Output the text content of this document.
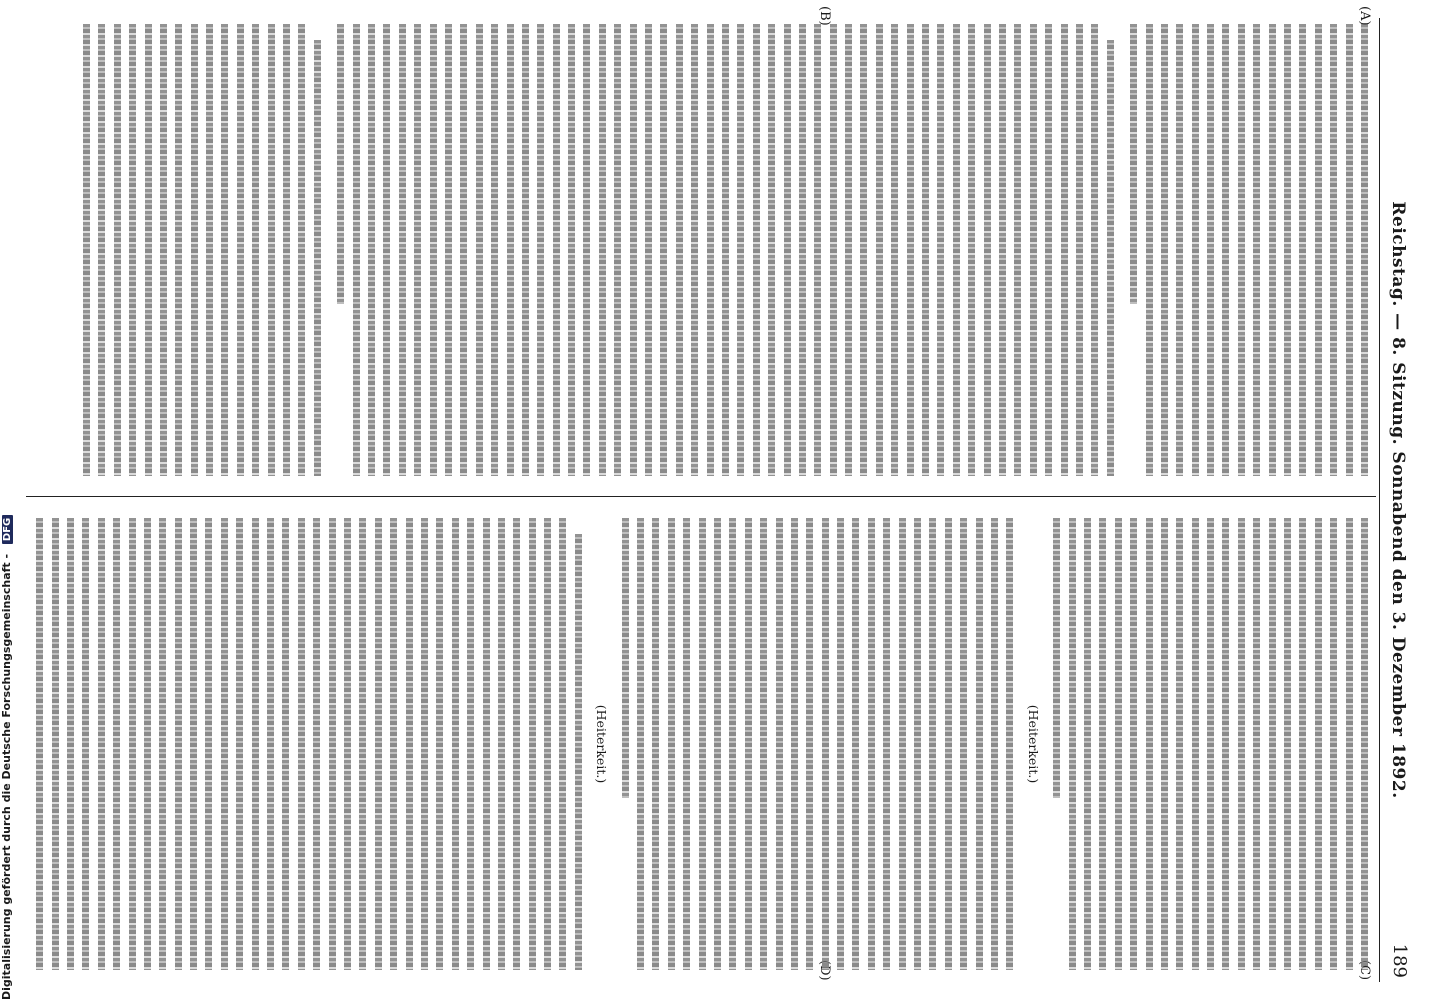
Reichstag. — 8. Sitzung. Sonnabend den 3. Dezember 1892.
189
(A)
(B)
(C)
(D)
(Heiterkeit.)
(Heiterkeit.)
Digitalisierung gefördert durch die Deutsche Forschungsgemeinschaft - DFG
